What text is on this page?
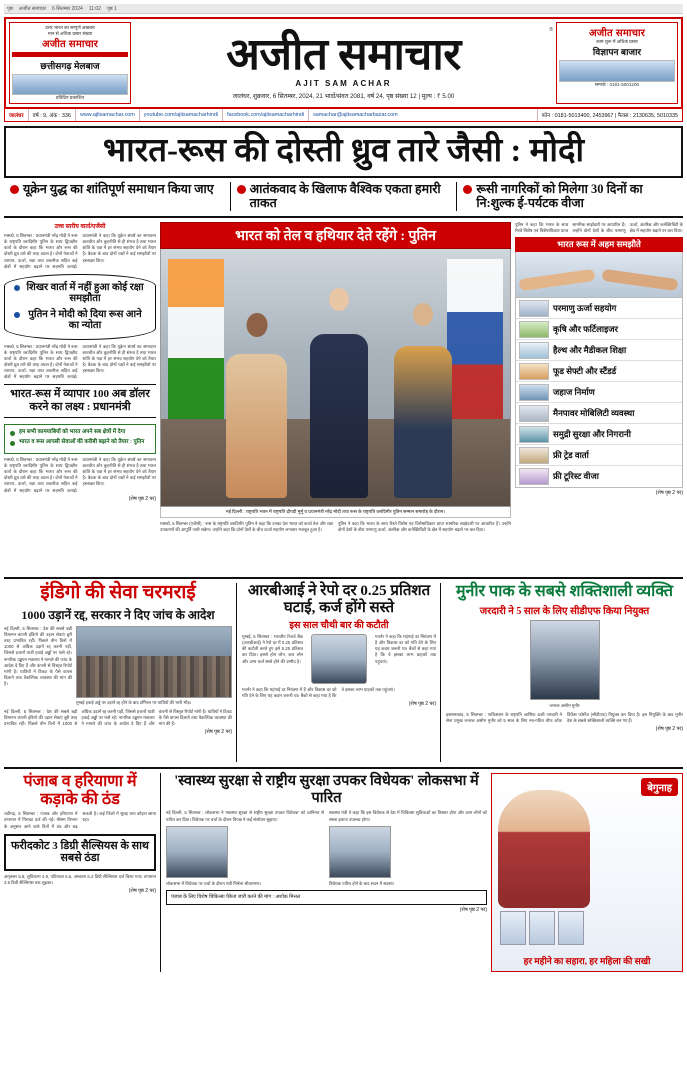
पृष्ठ अजीत समाचार 6 सितम्बर 2024 11:02 पृष्ठ 1
उत्तर भारत का सम्पूर्ण अखबार
मान से अधिक प्रसार संख्या
अजीत समाचार
छत्तीसगढ़ मेलबाज
प्रतिदिन प्रकाशित
®
अजीत समाचार
AJIT SAM ACHAR
जालंधर, शुक्रवार, 6 सितम्बर, 2024, 21 भादों/संवत 2081, वर्ष 24, पृष्ठ संख्या 12 | मूल्य : ₹ 5.00
अजीत समाचार
काम शुरू में अधिक प्रसार
विज्ञापन बाजार
सम्पर्क : 0181-5001200
जालंधर	वर्ष : 9, अंक : 336	www.ajitsamachar.com youtube.com/ajitsamacharhindi facebook.com/ajitsamacharhindi samachar@ajitsamacharbazar.com	फोन : 0181-5013400, 2453967 | फैक्स : 2130635, 5010335
भारत-रूस की दोस्ती ध्रुव तारे जैसी : मोदी
यूक्रेन युद्ध का शांतिपूर्ण समाधान किया जाए	आतंकवाद के खिलाफ वैश्विक एकता हमारी ताकत
रूसी नागरिकों को मिलेगा 30 दिनों का नि:शुल्क ई-पर्यटक वीजा
उच्च स्तरीय वार्ता/एजेंसी
मास्को, 5 सितम्बर : प्रधानमंत्री नरेंद्र मोदी ने रूस के राष्ट्रपति व्लादिमीर पुतिन के साथ द्विपक्षीय वार्ता के दौरान कहा कि भारत और रूस की दोस्ती ध्रुव तारे की तरह अटल है। दोनों नेताओं ने व्यापार, ऊर्जा, रक्षा तथा तकनीक सहित कई क्षेत्रों में सहयोग बढ़ाने पर सहमति जताई। प्रधानमंत्री ने कहा कि यूक्रेन संघर्ष का समाधान बातचीत और कूटनीति से ही संभव है तथा भारत शांति के पक्ष में हर संभव सहयोग देने को तैयार है। बैठक के बाद दोनों पक्षों ने कई समझौतों पर हस्ताक्षर किए।
शिखर वार्ता में नहीं हुआ कोई रक्षा समझौता
पुतिन ने मोदी को दिया रूस आने का न्योता
मास्को, 5 सितम्बर : प्रधानमंत्री नरेंद्र मोदी ने रूस के राष्ट्रपति व्लादिमीर पुतिन के साथ द्विपक्षीय वार्ता के दौरान कहा कि भारत और रूस की दोस्ती ध्रुव तारे की तरह अटल है। दोनों नेताओं ने व्यापार, ऊर्जा, रक्षा तथा तकनीक सहित कई क्षेत्रों में सहयोग बढ़ाने पर सहमति जताई। प्रधानमंत्री ने कहा कि यूक्रेन संघर्ष का समाधान बातचीत और कूटनीति से ही संभव है तथा भारत शांति के पक्ष में हर संभव सहयोग देने को तैयार है। बैठक के बाद दोनों पक्षों ने कई समझौतों पर हस्ताक्षर किए।
भारत-रूस में व्यापार 100 अब डॉलर करने का लक्ष्य : प्रधानमंत्री
हम सभी कामयाबियों को भारत अपने सब क्षेत्रों में देगा
भारत व रूस आपसी सेवाओं की करीबी बढ़ाने को तैयार : पुतिन
मास्को, 5 सितम्बर : प्रधानमंत्री नरेंद्र मोदी ने रूस के राष्ट्रपति व्लादिमीर पुतिन के साथ द्विपक्षीय वार्ता के दौरान कहा कि भारत और रूस की दोस्ती ध्रुव तारे की तरह अटल है। दोनों नेताओं ने व्यापार, ऊर्जा, रक्षा तथा तकनीक सहित कई क्षेत्रों में सहयोग बढ़ाने पर सहमति जताई। प्रधानमंत्री ने कहा कि यूक्रेन संघर्ष का समाधान बातचीत और कूटनीति से ही संभव है तथा भारत शांति के पक्ष में हर संभव सहयोग देने को तैयार है। बैठक के बाद दोनों पक्षों ने कई समझौतों पर हस्ताक्षर किए।
(शेष पृष्ठ 2 पर)
भारत को तेल व हथियार देते रहेंगे : पुतिन
नई दिल्ली : राष्ट्रपति भवन में राष्ट्रपति द्रौपदी मुर्मू व प्रधानमंत्री नरेंद्र मोदी तथा रूस के राष्ट्रपति व्लादिमीर पुतिन सम्मान समारोह के दौरान।
मास्को, 5 सितम्बर (एजेंसी) : रूस के राष्ट्रपति व्लादिमीर पुतिन ने कहा कि उनका देश भारत को कच्चे तेल और रक्षा उपकरणों की आपूर्ति जारी रखेगा। उन्होंने कहा कि दोनों देशों के बीच ऊर्जा सहयोग लगातार मजबूत हुआ है।
पुतिन ने कहा कि भारत के साथ रिश्ते विशेष एवं विशेषाधिकार प्राप्त सामरिक साझेदारी पर आधारित हैं। उन्होंने दोनों देशों के बीच परमाणु ऊर्जा, अंतरिक्ष और कनेक्टिविटी के क्षेत्र में सहयोग बढ़ाने पर बल दिया।
पुतिन ने कहा कि भारत के साथ रिश्ते विशेष एवं विशेषाधिकार प्राप्त सामरिक साझेदारी पर आधारित हैं। उन्होंने दोनों देशों के बीच परमाणु ऊर्जा, अंतरिक्ष और कनेक्टिविटी के क्षेत्र में सहयोग बढ़ाने पर बल दिया।
भारत रूस में अहम समझौते
परमाणु ऊर्जा सहयोग
कृषि और फर्टिलाइजर
हैल्थ और मैडीकल शिक्षा
फूड सेफ्टी और स्टैंडर्ड
जहाज निर्माण
मैनपावर मोबिलिटी व्यवस्था
समुद्री सुरक्षा और निगरानी
फ्री ट्रेड वार्ता
फ्री टूरिस्ट वीजा
(शेष पृष्ठ 2 पर)
इंडिगो की सेवा चरमराई
1000 उड़ानें रद्द, सरकार ने दिए जांच के आदेश
नई दिल्ली, 5 सितम्बर : देश की सबसे बड़ी विमानन कंपनी इंडिगो की उड़ान सेवाएं बुरी तरह प्रभावित रहीं। पिछले तीन दिनों में 1000 से अधिक उड़ानें रद्द करनी पड़ीं, जिससे हजारों यात्री हवाई अड्डों पर फंसे रहे। नागरिक उड्डयन मंत्रालय ने मामले की जांच के आदेश दे दिए हैं और कंपनी से विस्तृत रिपोर्ट मांगी है। यात्रियों ने टिकट के पैसे वापस दिलाने तथा वैकल्पिक व्यवस्था की मांग की है।
मुम्बई हवाई अड्डे पर उड़ानें रद्द होने के बाद टर्मिनल पर यात्रियों की भारी भीड़।
नई दिल्ली, 5 सितम्बर : देश की सबसे बड़ी विमानन कंपनी इंडिगो की उड़ान सेवाएं बुरी तरह प्रभावित रहीं। पिछले तीन दिनों में 1000 से अधिक उड़ानें रद्द करनी पड़ीं, जिससे हजारों यात्री हवाई अड्डों पर फंसे रहे। नागरिक उड्डयन मंत्रालय ने मामले की जांच के आदेश दे दिए हैं और कंपनी से विस्तृत रिपोर्ट मांगी है। यात्रियों ने टिकट के पैसे वापस दिलाने तथा वैकल्पिक व्यवस्था की मांग की है।
(शेष पृष्ठ 2 पर)
आरबीआई ने रेपो दर 0.25 प्रतिशत घटाई, कर्ज होंगे सस्ते
इस साल चौथी बार की कटौती
मुम्बई, 5 सितम्बर : भारतीय रिजर्व बैंक (आरबीआई) ने रेपो दर में 0.25 प्रतिशत की कटौती करते हुए इसे 5.25 प्रतिशत कर दिया। इससे होम लोन, कार लोन और अन्य कर्ज सस्ते होने की उम्मीद है।
गवर्नर ने कहा कि महंगाई दर नियंत्रण में है और विकास दर को गति देने के लिए यह कदम जरूरी था। बैंकों से कहा गया है कि वे इसका लाभ ग्राहकों तक पहुंचाएं।
गवर्नर ने कहा कि महंगाई दर नियंत्रण में है और विकास दर को गति देने के लिए यह कदम जरूरी था। बैंकों से कहा गया है कि वे इसका लाभ ग्राहकों तक पहुंचाएं।
(शेष पृष्ठ 2 पर)
मुनीर पाक के सबसे शक्तिशाली व्यक्ति
जरदारी ने 5 साल के लिए सीडीएफ किया नियुक्त
जनरल असीम मुनीर
इस्लामाबाद, 5 सितम्बर : पाकिस्तान के राष्ट्रपति आसिफ अली जरदारी ने सेना प्रमुख जनरल असीम मुनीर को 5 साल के लिए नव-गठित चीफ ऑफ डिफेंस फोर्सेज (सीडीएफ) नियुक्त कर दिया है। इस नियुक्ति के बाद मुनीर देश के सबसे शक्तिशाली व्यक्ति बन गए हैं।
(शेष पृष्ठ 2 पर)
पंजाब व हरियाणा में कड़ाके की ठंड
चंडीगढ़, 5 सितम्बर : पंजाब और हरियाणा में तापमान में गिरावट दर्ज की गई। मौसम विभाग के अनुसार आने वाले दिनों में ठंड और बढ़ सकती है। कई जिलों में सुबह घना कोहरा छाया रहा।
फरीदकोट 3 डिग्री सैल्सियस के साथ सबसे ठंडा
अमृतसर 5.8, लुधियाना 4.9, पटियाला 5.6, अम्बाला 6.2 डिग्री सैल्सियस दर्ज किया गया। तापमान 3.5 डिग्री सैल्सियस तक लुढ़का।
(शेष पृष्ठ 2 पर)
'स्वास्थ्य सुरक्षा से राष्ट्रीय सुरक्षा उपकर विधेयक' लोकसभा में पारित
नई दिल्ली, 5 सितम्बर : लोकसभा ने 'स्वास्थ्य सुरक्षा से राष्ट्रीय सुरक्षा उपकर विधेयक' को ध्वनिमत से पारित कर दिया। विधेयक पर चर्चा के दौरान विपक्ष ने कई संशोधन सुझाए।
लोकसभा में विधेयक पर चर्चा के दौरान मंत्री निर्मला सीतारमण।
स्वास्थ्य मंत्री ने कहा कि इस विधेयक से देश में चिकित्सा सुविधाओं का विस्तार होगा और आम लोगों को सस्ता इलाज उपलब्ध होगा।
विधेयक पारित होने के बाद सदन में सदस्य।
पंजाब के लिए विशेष चिकित्सा पैकेज जारी करने की मांग : अशोक मित्तल
(शेष पृष्ठ 2 पर)
बेगुनाह
हर महीने का सहारा, हर महिला की सखी
